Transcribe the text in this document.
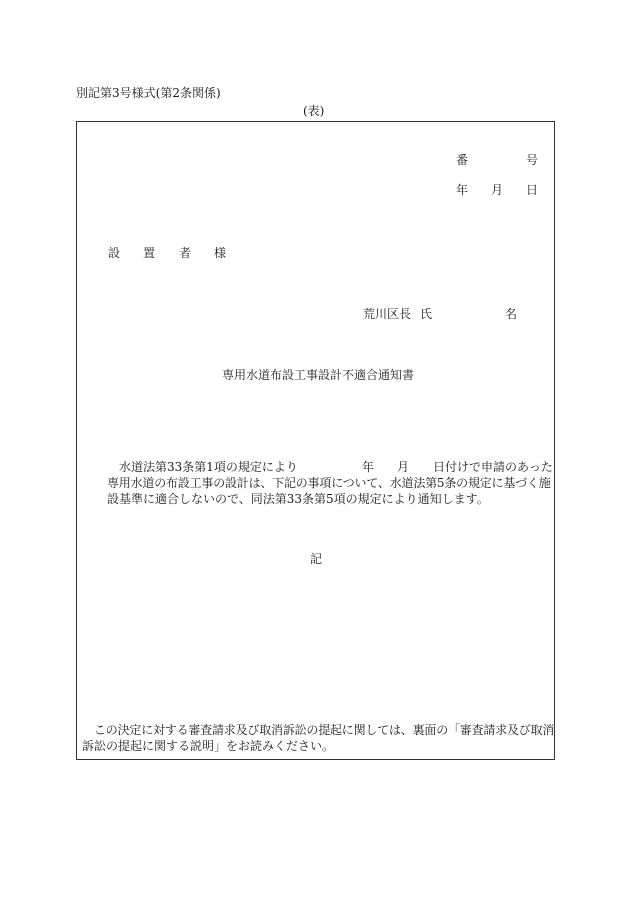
別記第3号様式(第2条関係)
(表)
番	号
年 月 日
設 置 者 様
荒川区長 氏	名
専用水道布設工事設計不適合通知書
水道法第33条第1項の規定により	年 月 日付けで申請のあった
専用水道の布設工事の設計は、下記の事項について、水道法第5条の規定に基づく施
設基準に適合しないので、同法第33条第5項の規定により通知します。
記
この決定に対する審査請求及び取消訴訟の提起に関しては、裏面の「審査請求及び取消
訴訟の提起に関する説明」をお読みください。
